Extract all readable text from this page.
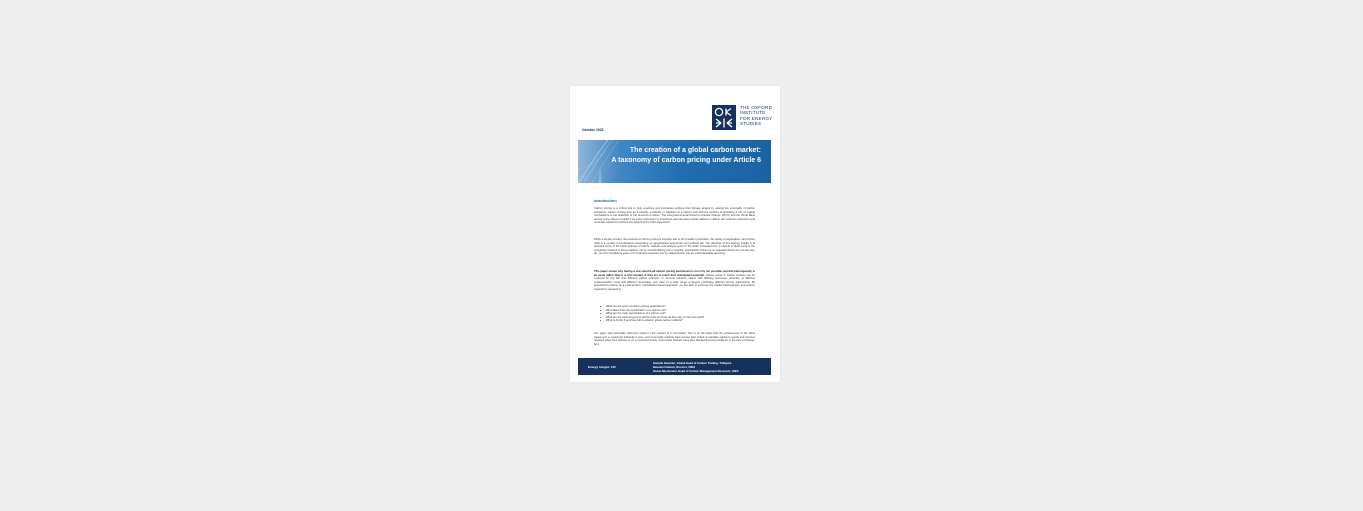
October 2023
THE OXFORD
INSTITUTE
FOR ENERGY
STUDIES
The creation of a global carbon market:
A taxonomy of carbon pricing under Article 6
Introduction
Carbon pricing is a critical tool to help countries and companies achieve their climate targets by valuing the externality of carbon emissions. Carbon pricing acts as a penalty, a subsidy or valuation of a carbon sink with the function of activating a mix of market mechanisms to the reduction or the removal of carbon. The Intergovernmental Panel on Climate Change (IPCC) and the World Bank among many others consider it as a key instrument to incentivize and stimulate capital markets to deliver the emission reductions and removals required to achieve the targets of the Paris Agreement.
While a simple concept, the universe of carbon pricing is complex due to the breadth of activities, the variety of applications, and further what is a myriad of combinations depending on geographical opportunity and political will. The objective of this Energy Insight is to describe some of the basic features of carbon markets and analyse some of the wider consequences. It intends to distil some of the complexity inherent in these markets, not by oversimplifying into a 'singular' specification driven by a misguided desire for one-size-fits-all – be it for simplicity's sake or for business purposes, but by categorisation into an understandable taxonomy.
This paper shows why having a one-size-fits-all carbon pricing mechanism is not only not possible, but that heterogeneity is an asset rather than it is first needed, if they are to reach their anticipated potential. Various points in carbon markets can be explored for the fact that different carbon reduction or removal solutions deliver with differing outcomes: potential, at different implementation costs and different timescales, and cater to a wide range of buyers prioritising different pricing applications. By approaching carbon as a multi-product, specification-based approach, we are able to embrace the market heterogeneity and nuance required by answering:
What are the types of carbon pricing applications?
Who determines the specification of a carbon unit?
What are the main specifications of a carbon unit?
What are the various types of carbon units and how do they vary in cost and yield?
What is Article 6 and how will it underpin global carbon markets?
The paper will continually reference carbon in the context of a commodity. This is on the basis that the achievement of the Paris Agreement is measured indirectly in tons, and commodity markets have proven their suited to translate capital to goods and services required when their delivery is on a volumetric basis. Commodity markets have also displayed strong resilience in the face of change, be it
Energy Insight: 135
Hannah Hauman, Global Head of Carbon Trading, Trafigura
Bassam Fattouh, Director, OIES
Hasan Muslemani, Head of Carbon Management Research, OIES
